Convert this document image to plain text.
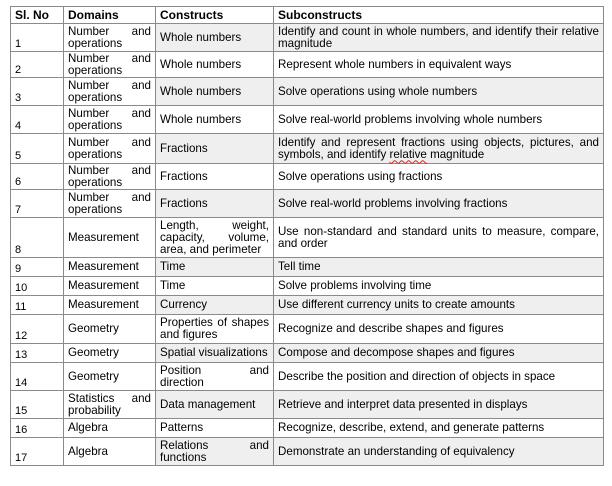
Sl. No	Domains	Constructs	Subconstructs
1	Number and operations	Whole numbers	Identify and count in whole numbers, and identify their relative magnitude
2	Number and operations	Whole numbers	Represent whole numbers in equivalent ways
3	Number and operations	Whole numbers	Solve operations using whole numbers
4	Number and operations	Whole numbers	Solve real-world problems involving whole numbers
5	Number and operations	Fractions	Identify and represent fractions using objects, pictures, and symbols, and identify relative magnitude
6	Number and operations	Fractions	Solve operations using fractions
7	Number and operations	Fractions	Solve real-world problems involving fractions
8	Measurement	Length, weight, capacity, volume, area, and perimeter	Use non-standard and standard units to measure, compare, and order
9	Measurement	Time	Tell time
10	Measurement	Time	Solve problems involving time
11	Measurement	Currency	Use different currency units to create amounts
12	Geometry	Properties of shapes and figures	Recognize and describe shapes and figures
13	Geometry	Spatial visualizations	Compose and decompose shapes and figures
14	Geometry	Position and direction	Describe the position and direction of objects in space
15	Statistics and probability	Data management	Retrieve and interpret data presented in displays
16	Algebra	Patterns	Recognize, describe, extend, and generate patterns
17	Algebra	Relations and functions	Demonstrate an understanding of equivalency
